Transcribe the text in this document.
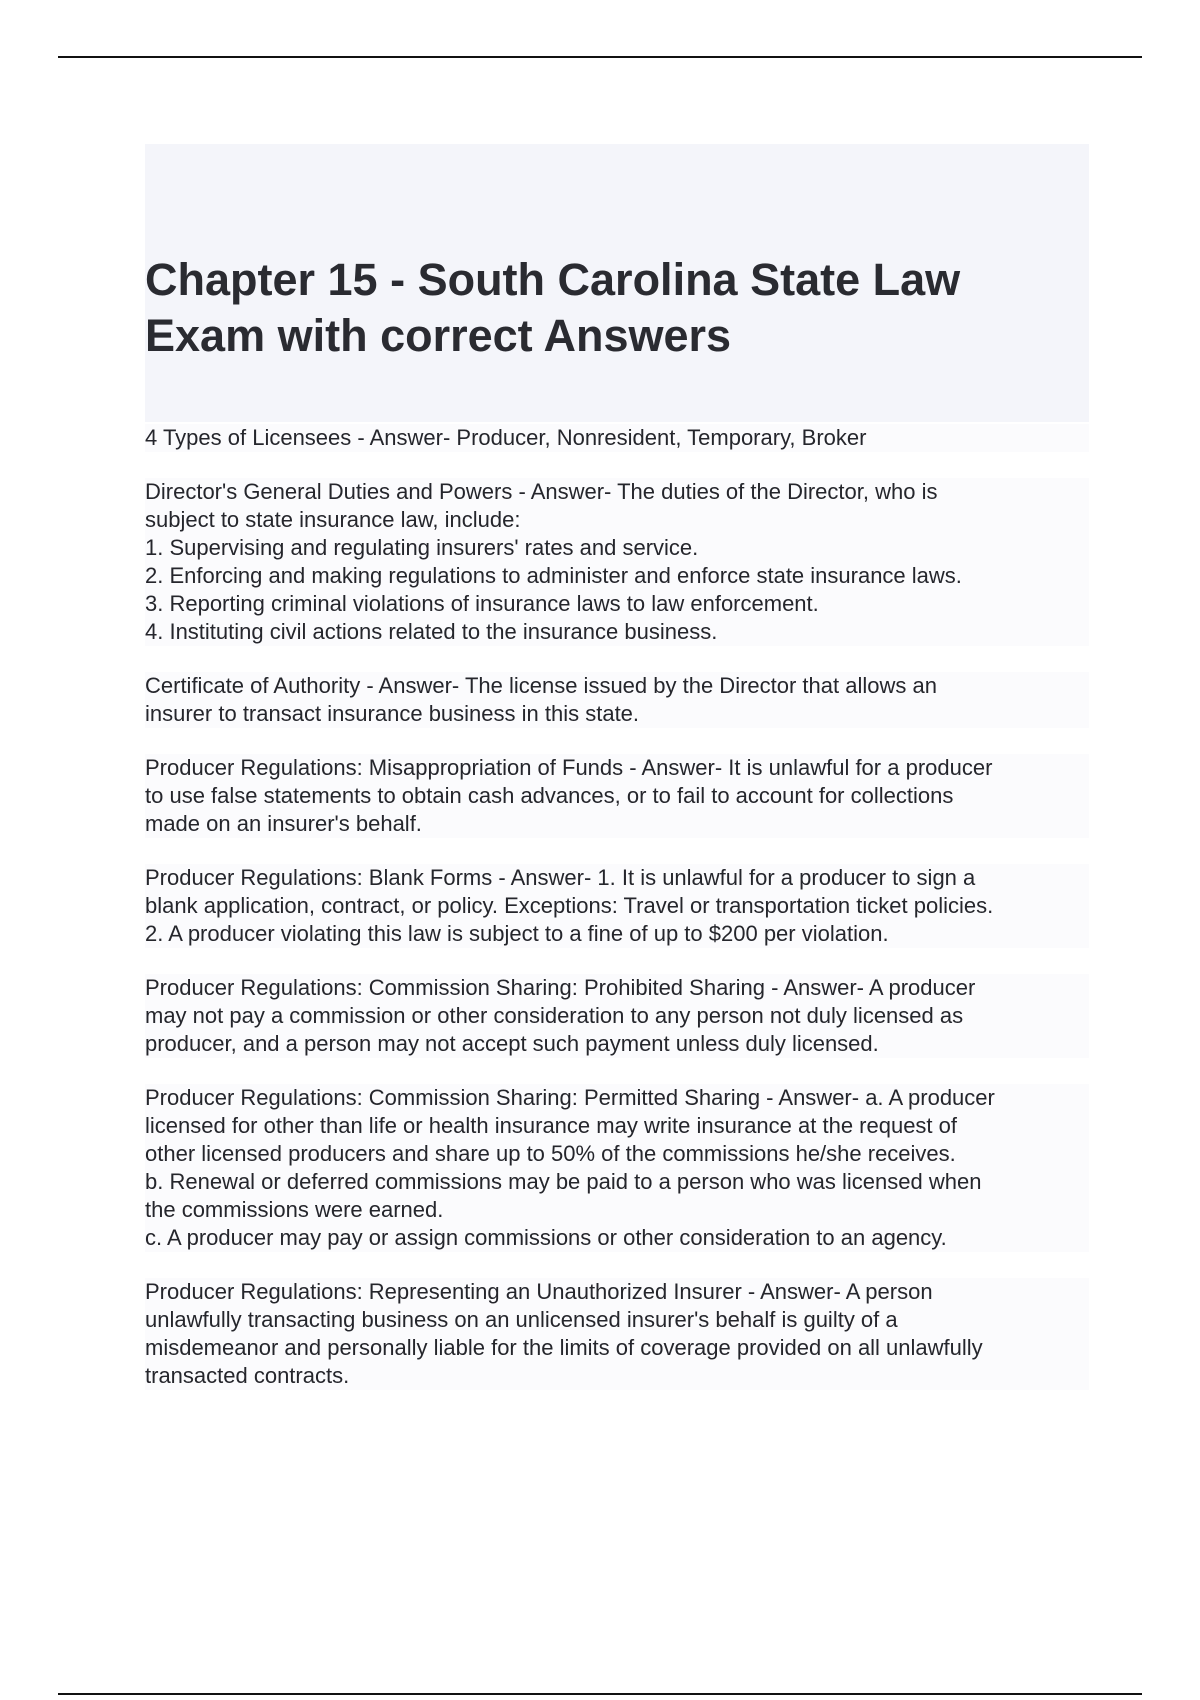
Chapter 15 - South Carolina State Law
Exam with correct Answers

4 Types of Licensees - Answer- Producer, Nonresident, Temporary, Broker

Director's General Duties and Powers - Answer- The duties of the Director, who is
subject to state insurance law, include:
1. Supervising and regulating insurers' rates and service.
2. Enforcing and making regulations to administer and enforce state insurance laws.
3. Reporting criminal violations of insurance laws to law enforcement.
4. Instituting civil actions related to the insurance business.

Certificate of Authority - Answer- The license issued by the Director that allows an
insurer to transact insurance business in this state.

Producer Regulations: Misappropriation of Funds - Answer- It is unlawful for a producer
to use false statements to obtain cash advances, or to fail to account for collections
made on an insurer's behalf.

Producer Regulations: Blank Forms - Answer- 1. It is unlawful for a producer to sign a
blank application, contract, or policy. Exceptions: Travel or transportation ticket policies.
2. A producer violating this law is subject to a fine of up to $200 per violation.

Producer Regulations: Commission Sharing: Prohibited Sharing - Answer- A producer
may not pay a commission or other consideration to any person not duly licensed as
producer, and a person may not accept such payment unless duly licensed.

Producer Regulations: Commission Sharing: Permitted Sharing - Answer- a. A producer
licensed for other than life or health insurance may write insurance at the request of
other licensed producers and share up to 50% of the commissions he/she receives.
b. Renewal or deferred commissions may be paid to a person who was licensed when
the commissions were earned.
c. A producer may pay or assign commissions or other consideration to an agency.

Producer Regulations: Representing an Unauthorized Insurer - Answer- A person
unlawfully transacting business on an unlicensed insurer's behalf is guilty of a
misdemeanor and personally liable for the limits of coverage provided on all unlawfully
transacted contracts.
